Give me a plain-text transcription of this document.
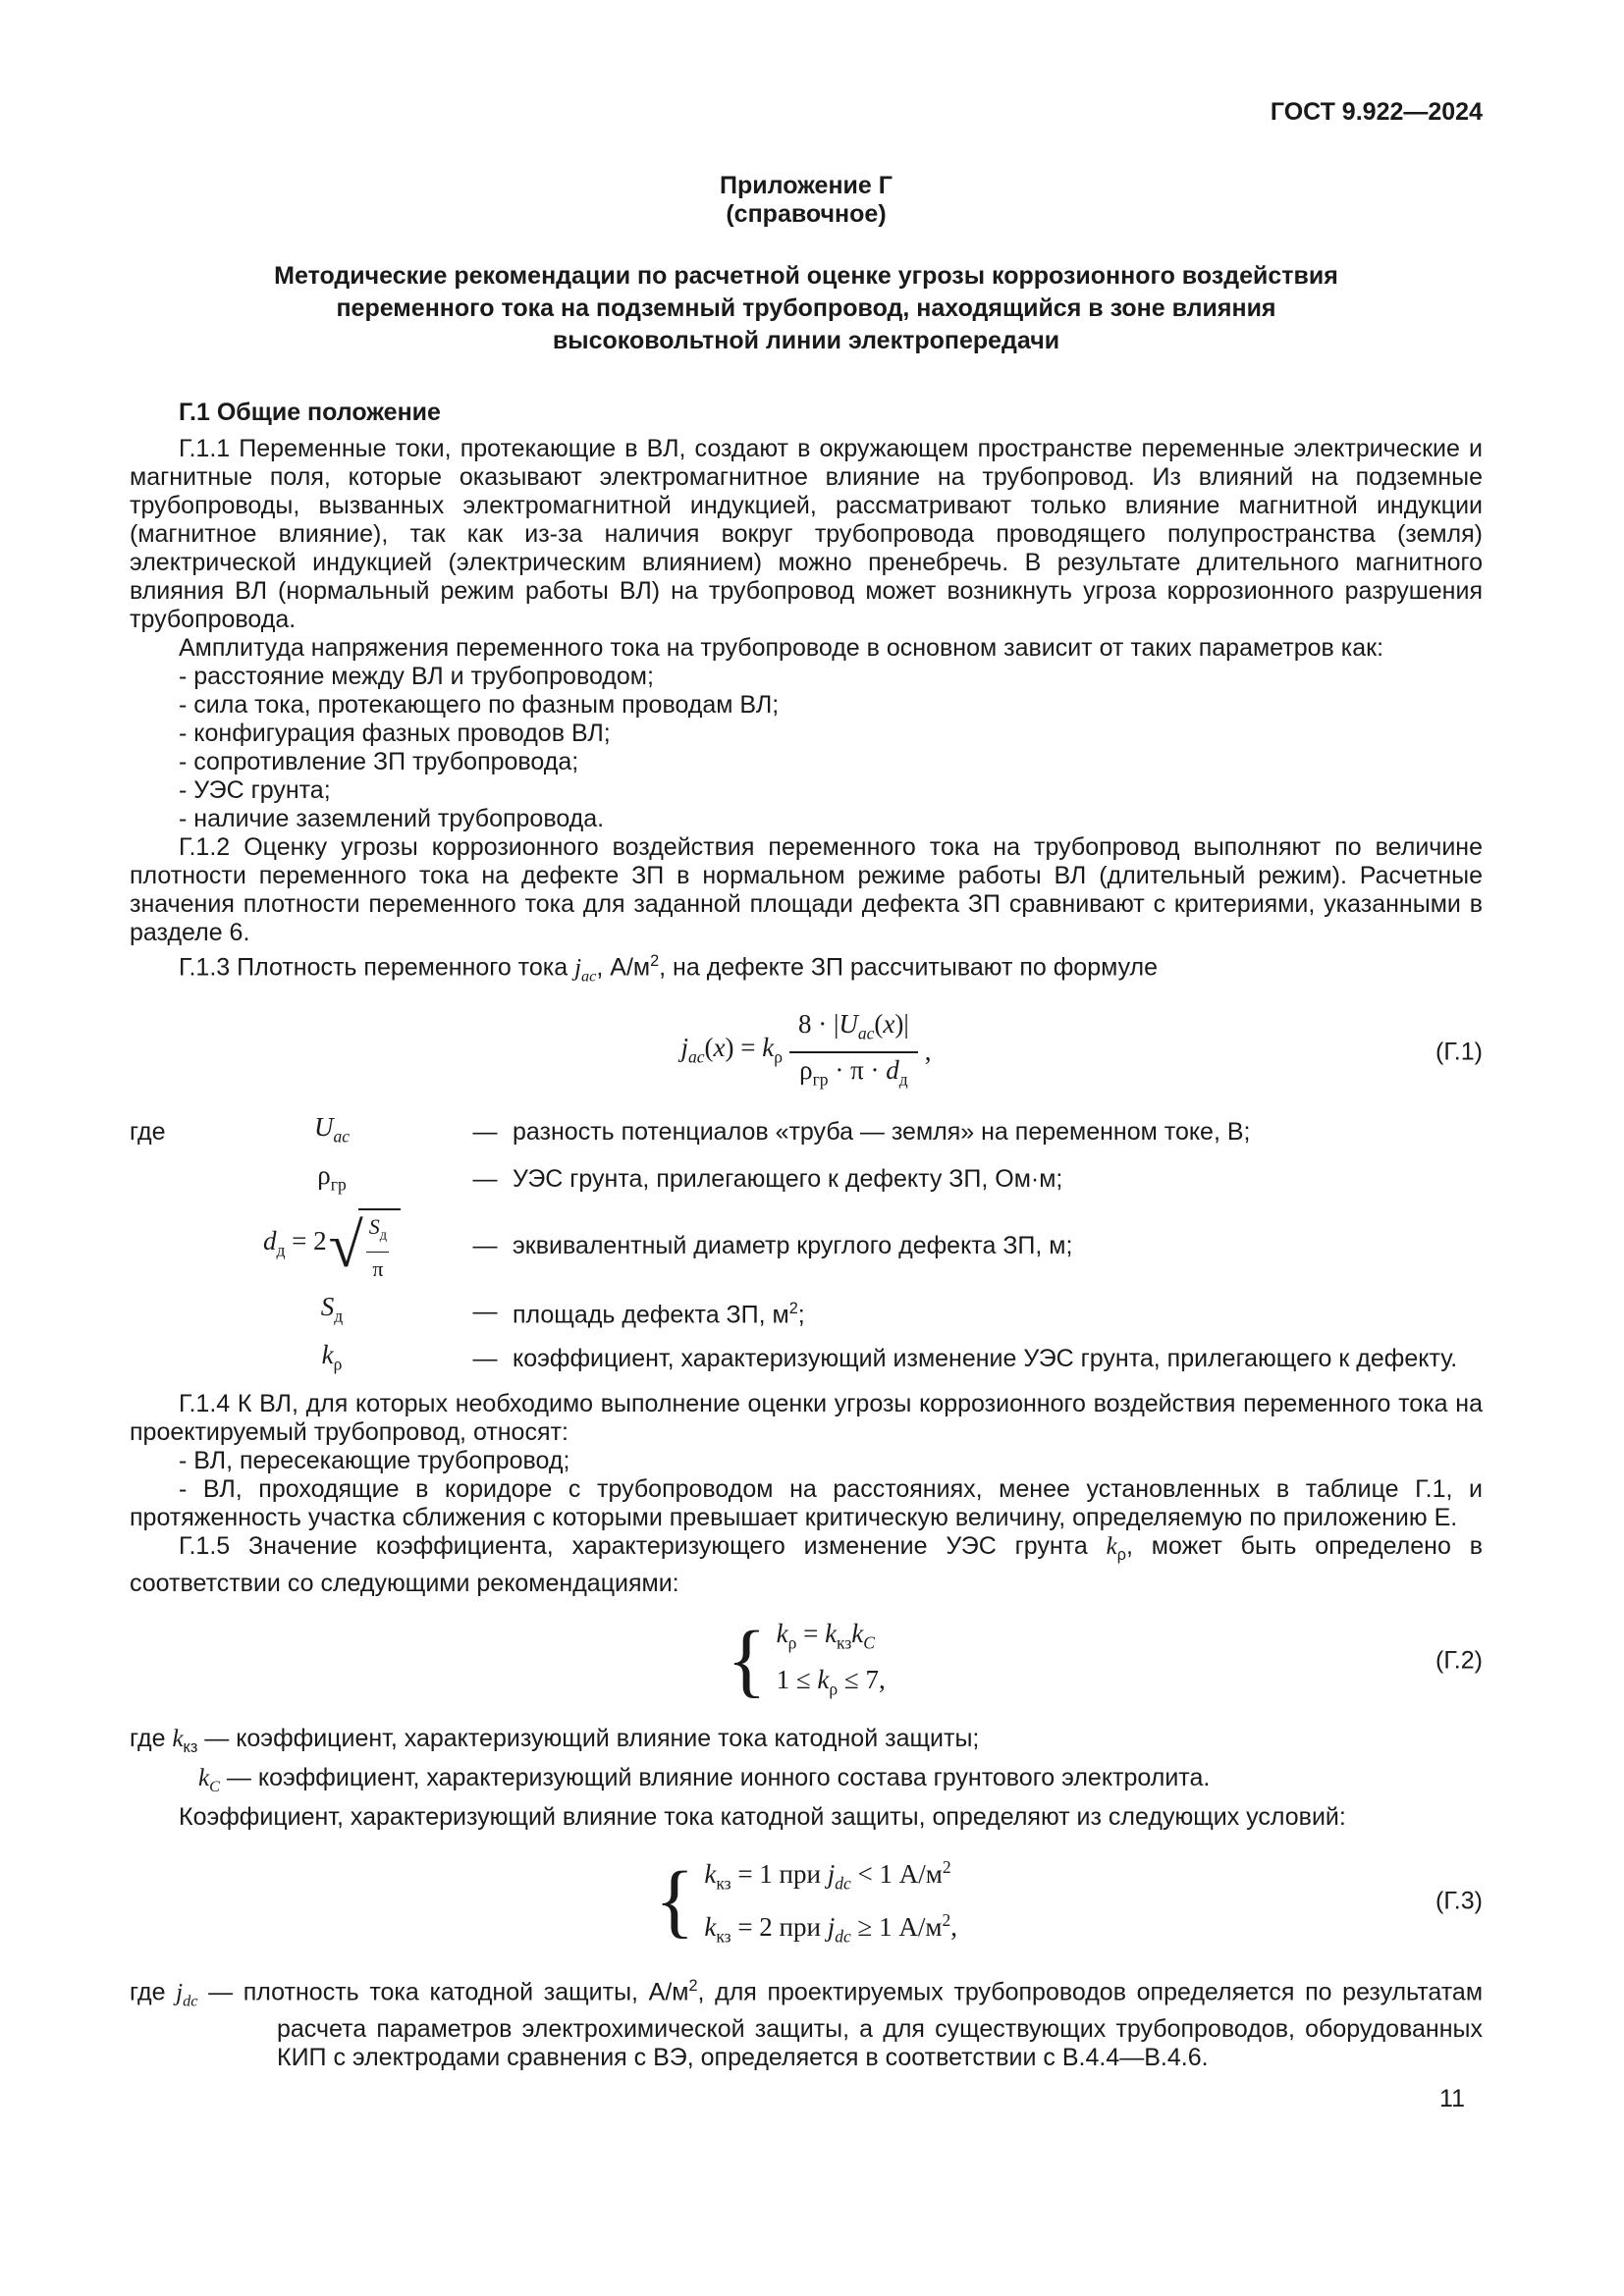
ГОСТ 9.922—2024
Приложение Г
(справочное)
Методические рекомендации по расчетной оценке угрозы коррозионного воздействия переменного тока на подземный трубопровод, находящийся в зоне влияния высоковольтной линии электропередачи
Г.1 Общие положение

Г.1.1 Переменные токи, протекающие в ВЛ, создают в окружающем пространстве переменные электрические и магнитные поля, которые оказывают электромагнитное влияние на трубопровод. Из влияний на подземные трубопроводы, вызванных электромагнитной индукцией, рассматривают только влияние магнитной индукции (магнитное влияние), так как из-за наличия вокруг трубопровода проводящего полупространства (земля) электрической индукцией (электрическим влиянием) можно пренебречь. В результате длительного магнитного влияния ВЛ (нормальный режим работы ВЛ) на трубопровод может возникнуть угроза коррозионного разрушения трубопровода.

Амплитуда напряжения переменного тока на трубопроводе в основном зависит от таких параметров как:

- расстояние между ВЛ и трубопроводом;

- сила тока, протекающего по фазным проводам ВЛ;

- конфигурация фазных проводов ВЛ;

- сопротивление ЗП трубопровода;

- УЭС грунта;

- наличие заземлений трубопровода.

Г.1.2 Оценку угрозы коррозионного воздействия переменного тока на трубопровод выполняют по величине плотности переменного тока на дефекте ЗП в нормальном режиме работы ВЛ (длительный режим). Расчетные значения плотности переменного тока для заданной площади дефекта ЗП сравнивают с критериями, указанными в разделе 6.

Г.1.3 Плотность переменного тока $j_{ac}$, $А/м^2$, на дефекте ЗП рассчитывают по формуле

$j_{ac}(x) = k_\rho \frac{8 \cdot |U_{ac}(x)|}{\rho_{гр} \cdot \pi \cdot d_д}$ ,	(Г.1)
где	$U_{ac}$	— разность потенциалов «труба — земля» на переменном токе, В;
$\rho_{гр}$	— УЭС грунта, прилегающего к дефекту ЗП, Ом·м;
$d_д = 2$ √ $\frac{S_д}{\pi}$	— эквивалентный диаметр круглого дефекта ЗП, м;
$S_д$	— площадь дефекта ЗП, $м^2$;
$k_\rho$	— коэффициент, характеризующий изменение УЭС грунта, прилегающего к дефекту.

Г.1.4 К ВЛ, для которых необходимо выполнение оценки угрозы коррозионного воздействия переменного тока на проектируемый трубопровод, относят:

- ВЛ, пересекающие трубопровод;

- ВЛ, проходящие в коридоре с трубопроводом на расстояниях, менее установленных в таблице Г.1, и протяженность участка сближения с которыми превышает критическую величину, определяемую по приложению Е.

Г.1.5 Значение коэффициента, характеризующего изменение УЭС грунта $k_\rho$, может быть определено в соответствии со следующими рекомендациями:

{ $k_\rho = k_{кз}k_C$
$1 \le k_\rho \le 7$,
(Г.2)

где $k_{кз}$ — коэффициент, характеризующий влияние тока катодной защиты;

$k_C$ — коэффициент, характеризующий влияние ионного состава грунтового электролита.

Коэффициент, характеризующий влияние тока катодной защиты, определяют из следующих условий:

{ $k_{кз} = 1$ при $j_{dc} < 1$ $А/м^2$
$k_{кз} = 2$ при $j_{dc} \ge 1$ $А/м^2$,
(Г.3)

где $j_{dc}$ — плотность тока катодной защиты, $А/м^2$, для проектируемых трубопроводов определяется по результатам расчета параметров электрохимической защиты, а для существующих трубопроводов, оборудованных КИП с электродами сравнения с ВЭ, определяется в соответствии с В.4.4—В.4.6.

11
